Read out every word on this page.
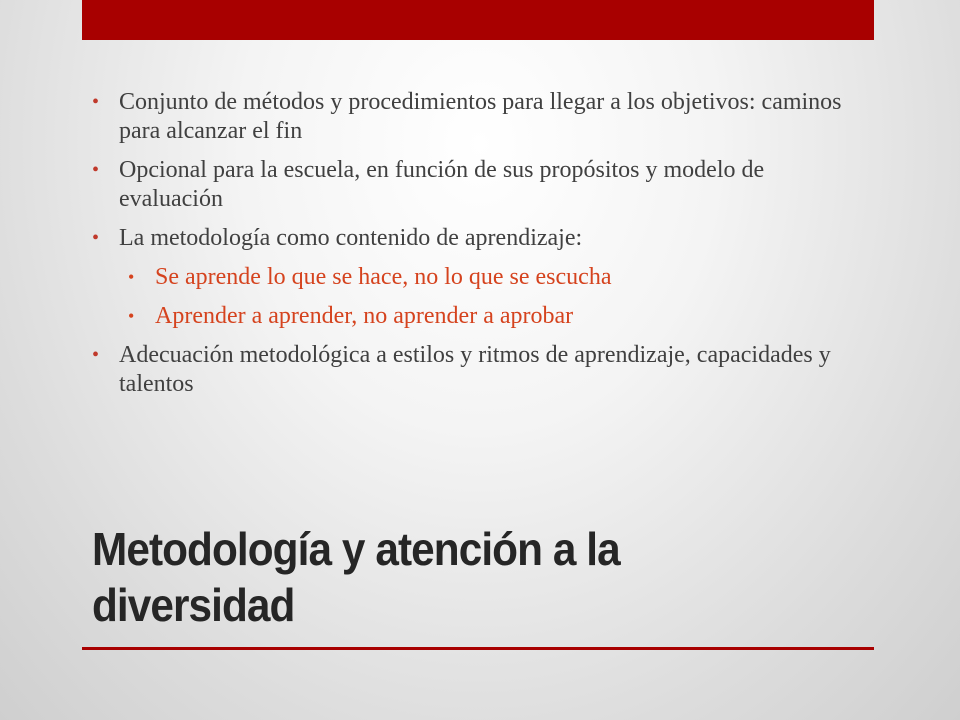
• Conjunto de métodos y procedimientos para llegar a los objetivos: caminos para alcanzar el fin
• Opcional para la escuela, en función de sus propósitos y modelo de evaluación
• La metodología como contenido de aprendizaje:
• Se aprende lo que se hace, no lo que se escucha
• Aprender a aprender, no aprender a aprobar
• Adecuación metodológica a estilos y ritmos de aprendizaje, capacidades y talentos
Metodología y atención a la diversidad
